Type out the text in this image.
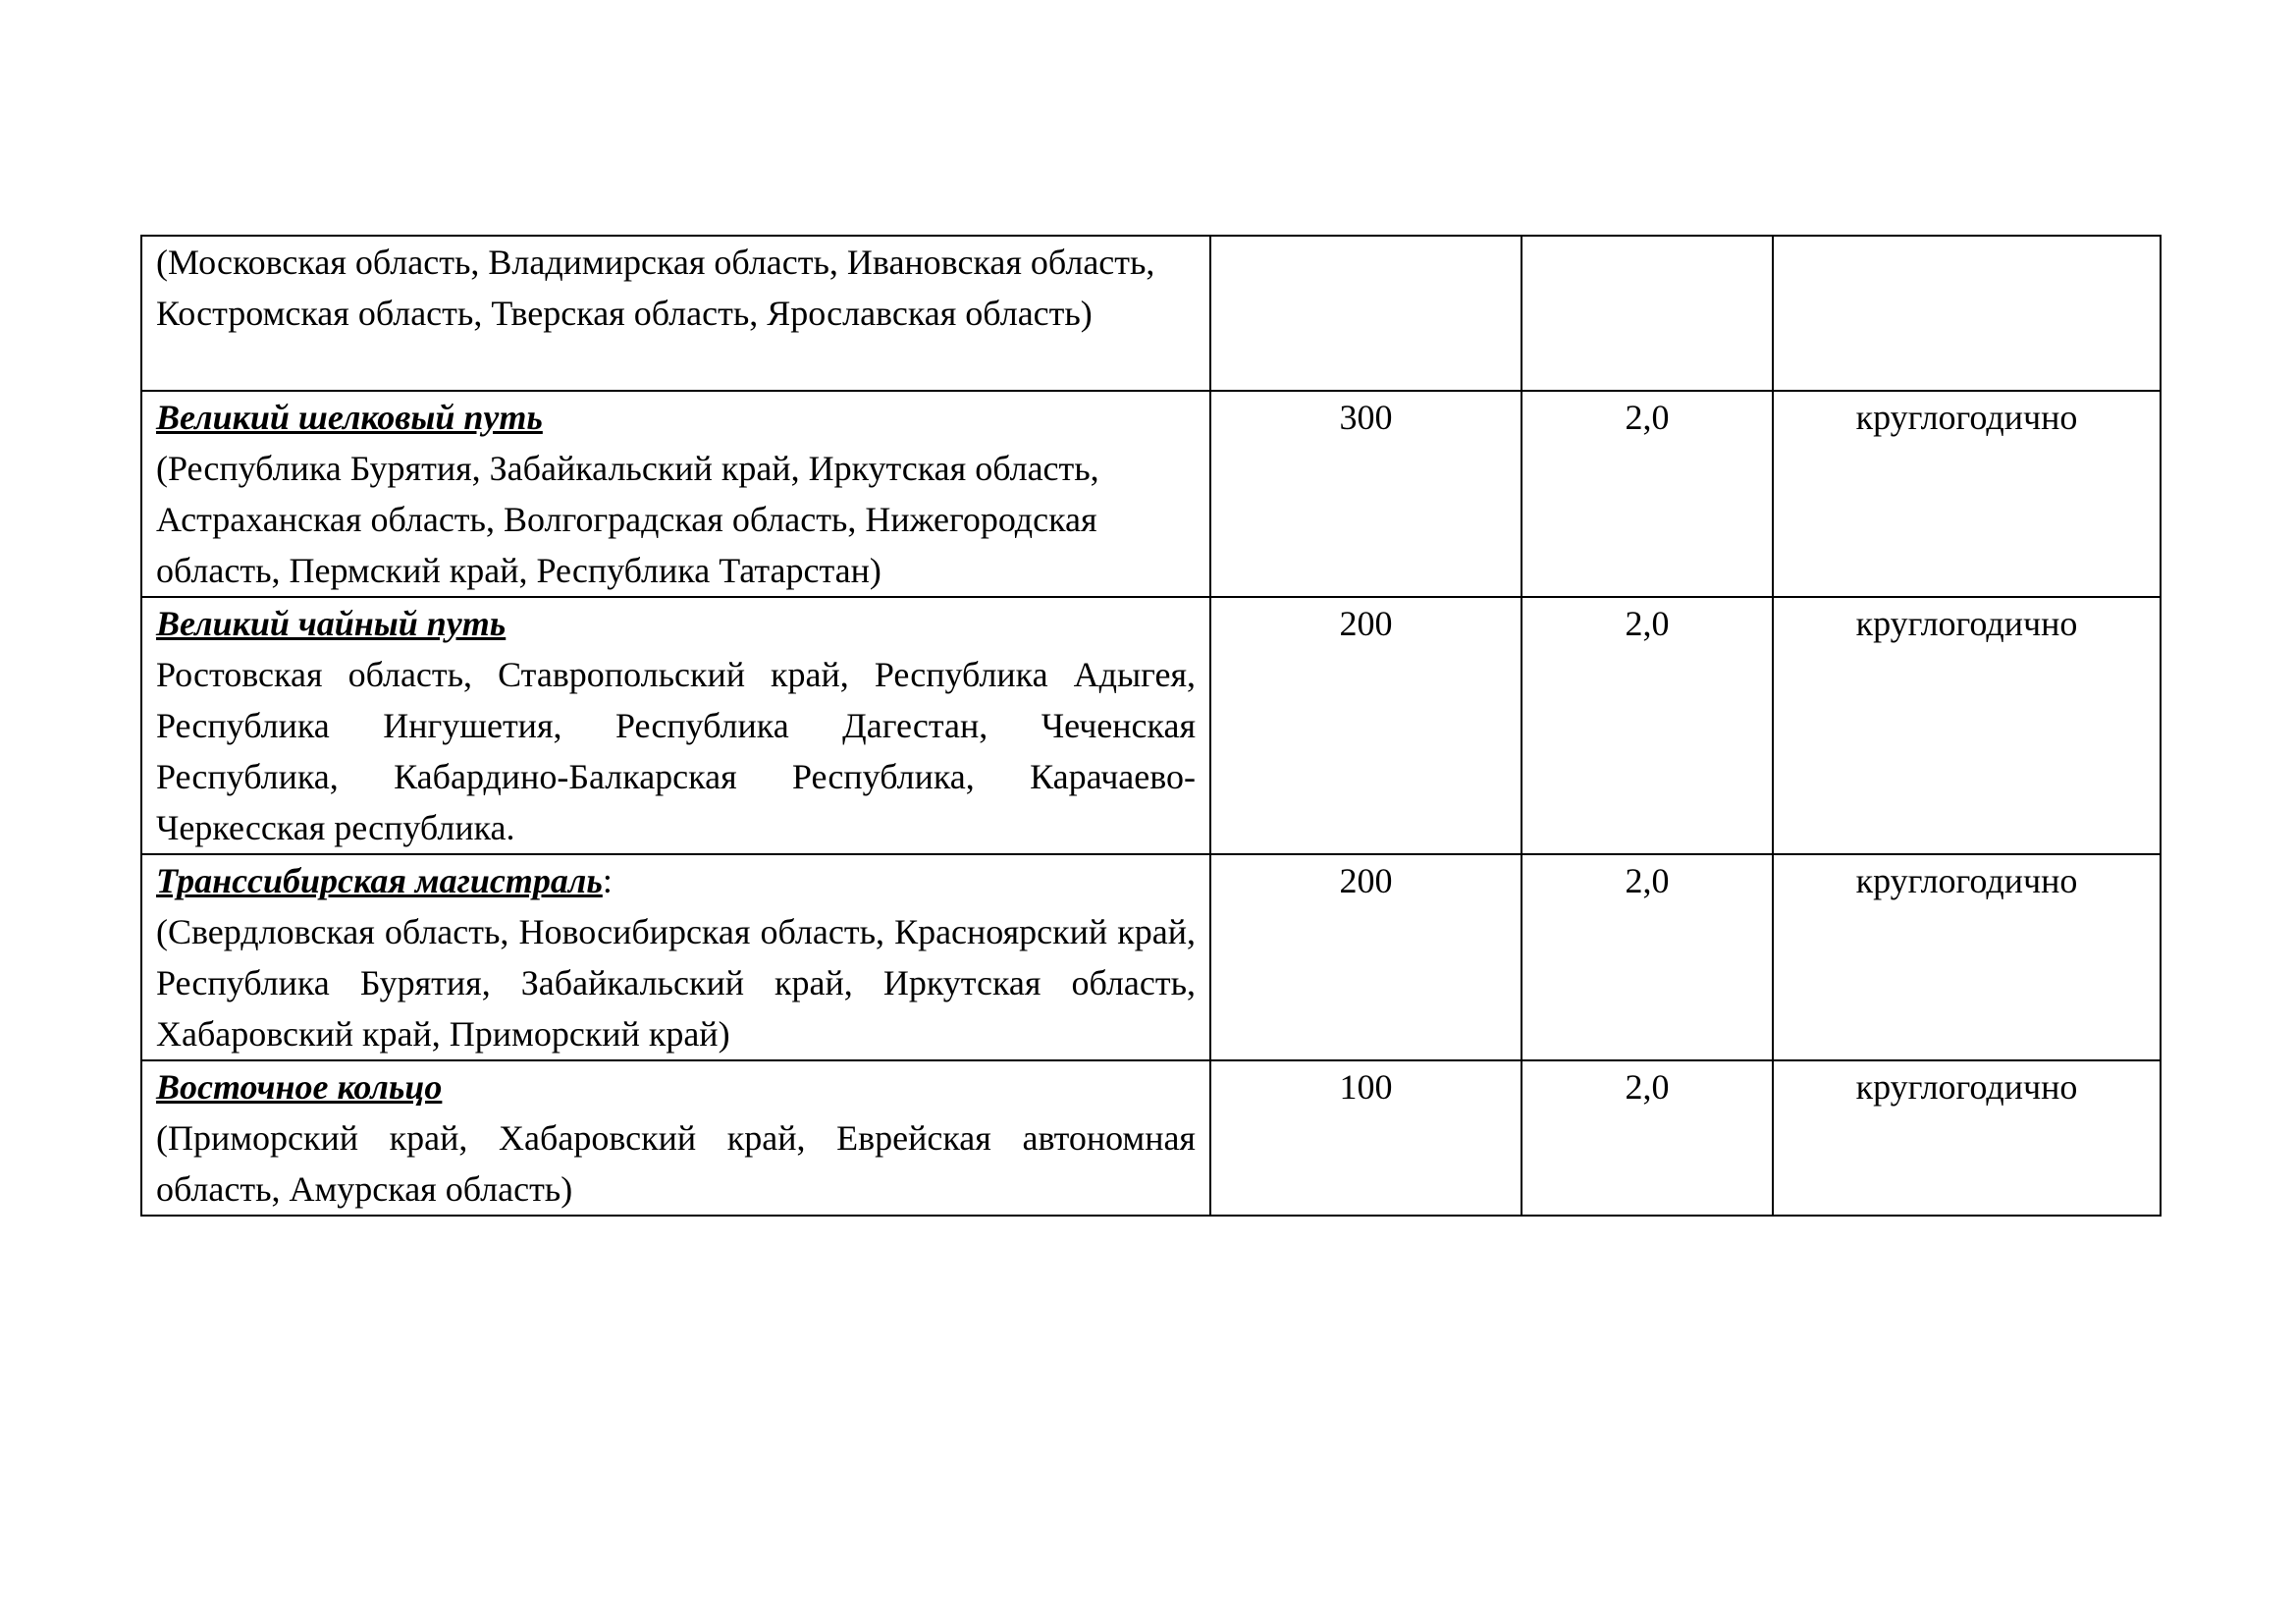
(Московская область, Владимирская область, Ивановская область, Костромская область, Тверская область, Ярославская область)			

Великий шелковый путь
(Республика Бурятия, Забайкальский край, Иркутская область, Астраханская область, Волгоградская область, Нижегородская область, Пермский край, Республика Татарстан)	300	2,0	круглогодично

Великий чайный путь
Ростовская область, Ставропольский край, Республика Адыгея, Республика Ингушетия, Республика Дагестан, Чеченская Республика, Кабардино-Балкарская Республика, Карачаево-Черкесская республика.	200	2,0	круглогодично

Транссибирская магистраль:
(Свердловская область, Новосибирская область, Красноярский край, Республика Бурятия, Забайкальский край, Иркутская область, Хабаровский край, Приморский край)	200	2,0	круглогодично

Восточное кольцо
(Приморский край, Хабаровский край, Еврейская автономная область, Амурская область)	100	2,0	круглогодично
